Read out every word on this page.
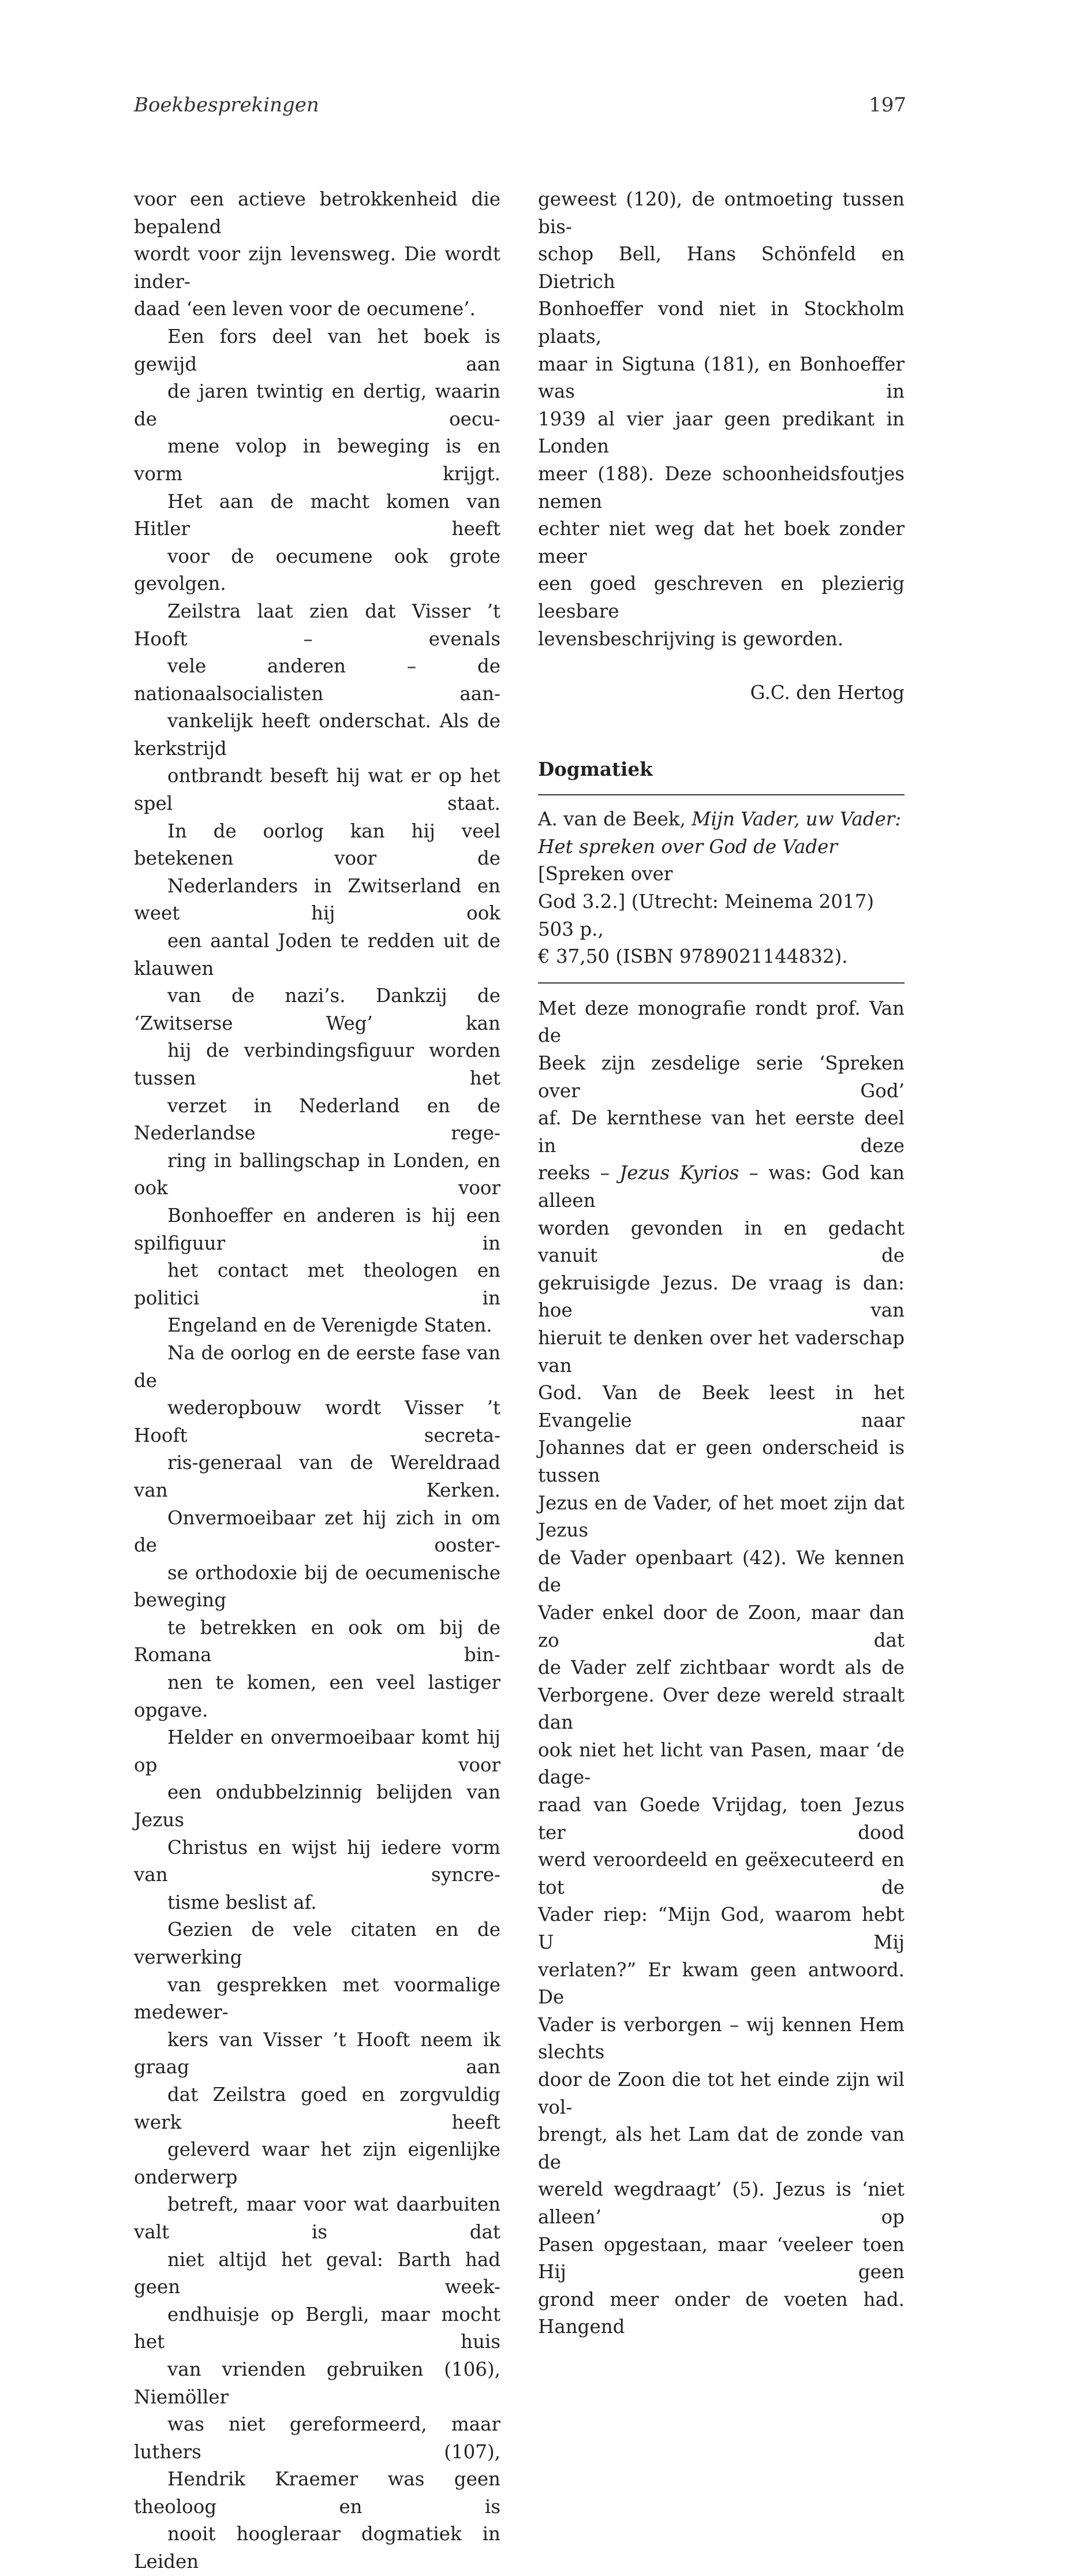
Boekbesprekingen	197

voor een actieve betrokkenheid die bepalend
wordt voor zijn levensweg. Die wordt inder-
daad ‘een leven voor de oecumene’.

Een fors deel van het boek is gewijd aan
de jaren twintig en dertig, waarin de oecu-
mene volop in beweging is en vorm krijgt.
Het aan de macht komen van Hitler heeft
voor de oecumene ook grote gevolgen.
Zeilstra laat zien dat Visser ’t Hooft – evenals
vele anderen – de nationaalsocialisten aan-
vankelijk heeft onderschat. Als de kerkstrijd
ontbrandt beseft hij wat er op het spel staat.
In de oorlog kan hij veel betekenen voor de
Nederlanders in Zwitserland en weet hij ook
een aantal Joden te redden uit de klauwen
van de nazi’s. Dankzij de ‘Zwitserse Weg’ kan
hij de verbindingsfiguur worden tussen het
verzet in Nederland en de Nederlandse rege-
ring in ballingschap in Londen, en ook voor
Bonhoeffer en anderen is hij een spilfiguur in
het contact met theologen en politici in
Engeland en de Verenigde Staten.

Na de oorlog en de eerste fase van de
wederopbouw wordt Visser ’t Hooft secreta-
ris-generaal van de Wereldraad van Kerken.
Onvermoeibaar zet hij zich in om de ooster-
se orthodoxie bij de oecumenische beweging
te betrekken en ook om bij de Romana bin-
nen te komen, een veel lastiger opgave.
Helder en onvermoeibaar komt hij op voor
een ondubbelzinnig belijden van Jezus
Christus en wijst hij iedere vorm van syncre-
tisme beslist af.

Gezien de vele citaten en de verwerking
van gesprekken met voormalige medewer-
kers van Visser ’t Hooft neem ik graag aan
dat Zeilstra goed en zorgvuldig werk heeft
geleverd waar het zijn eigenlijke onderwerp
betreft, maar voor wat daarbuiten valt is dat
niet altijd het geval: Barth had geen week-
endhuisje op Bergli, maar mocht het huis
van vrienden gebruiken (106), Niemöller
was niet gereformeerd, maar luthers (107),
Hendrik Kraemer was geen theoloog en is
nooit hoogleraar dogmatiek in Leiden

geweest (120), de ontmoeting tussen bis-
schop Bell, Hans Schönfeld en Dietrich
Bonhoeffer vond niet in Stockholm plaats,
maar in Sigtuna (181), en Bonhoeffer was in
1939 al vier jaar geen predikant in Londen
meer (188). Deze schoonheidsfoutjes nemen
echter niet weg dat het boek zonder meer
een goed geschreven en plezierig leesbare
levensbeschrijving is geworden.

G.C. den Hertog

Dogmatiek

A. van de Beek, Mijn Vader, uw Vader:

Het spreken over God de Vader [Spreken over

God 3.2.] (Utrecht: Meinema 2017) 503 p.,

€ 37,50 (ISBN 9789021144832).

Met deze monografie rondt prof. Van de
Beek zijn zesdelige serie ‘Spreken over God’
af. De kernthese van het eerste deel in deze
reeks – Jezus Kyrios – was: God kan alleen
worden gevonden in en gedacht vanuit de
gekruisigde Jezus. De vraag is dan: hoe van
hieruit te denken over het vaderschap van
God. Van de Beek leest in het Evangelie naar
Johannes dat er geen onderscheid is tussen
Jezus en de Vader, of het moet zijn dat Jezus
de Vader openbaart (42). We kennen de
Vader enkel door de Zoon, maar dan zo dat
de Vader zelf zichtbaar wordt als de
Verborgene. Over deze wereld straalt dan
ook niet het licht van Pasen, maar ‘de dage-
raad van Goede Vrijdag, toen Jezus ter dood
werd veroordeeld en geëxecuteerd en tot de
Vader riep: “Mijn God, waarom hebt U Mij
verlaten?” Er kwam geen antwoord. De
Vader is verborgen – wij kennen Hem slechts
door de Zoon die tot het einde zijn wil vol-
brengt, als het Lam dat de zonde van de
wereld wegdraagt’ (5). Jezus is ‘niet alleen’ op
Pasen opgestaan, maar ‘veeleer toen Hij geen
grond meer onder de voeten had. Hangend
